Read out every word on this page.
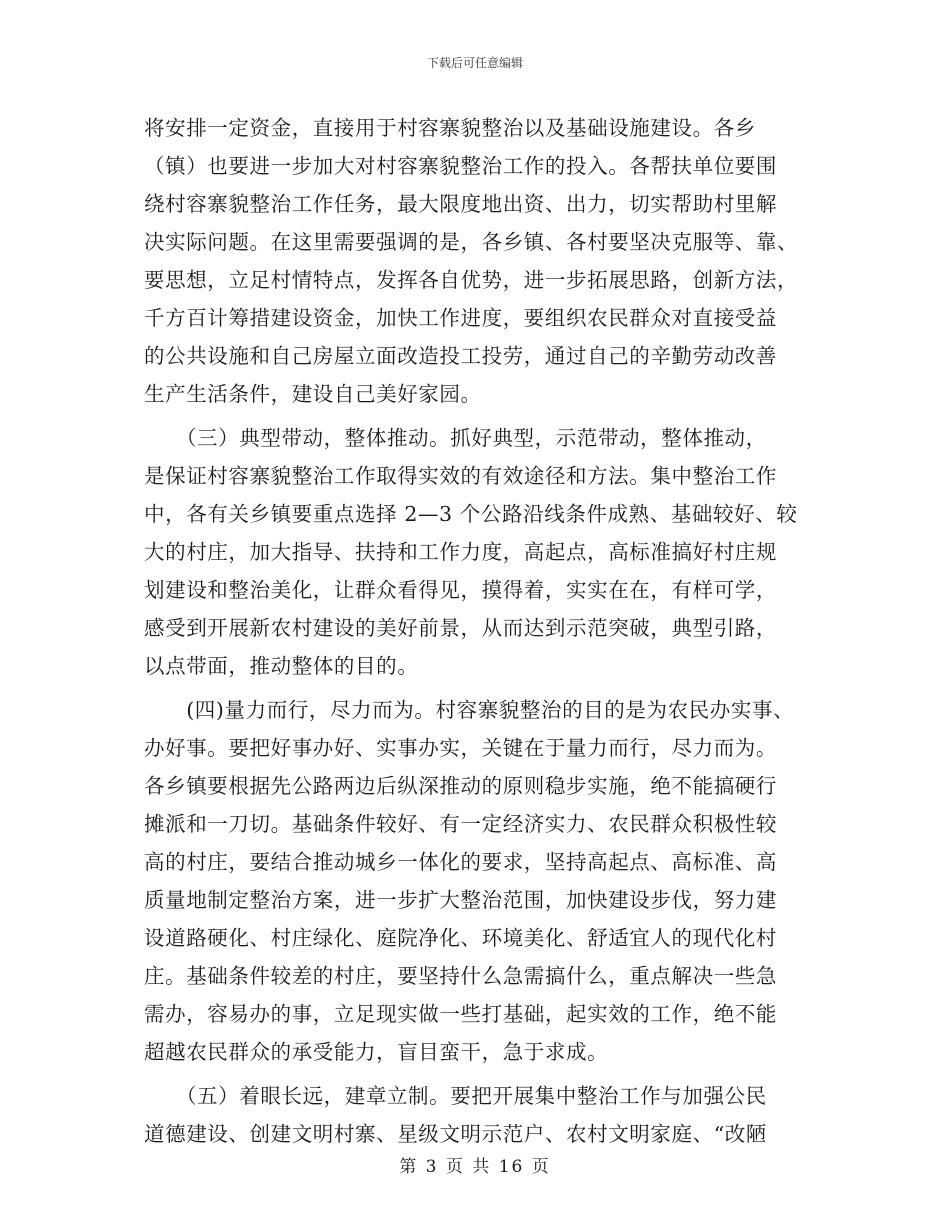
下载后可任意编辑
将安排一定资金，直接用于村容寨貌整治以及基础设施建设。各乡
（镇）也要进一步加大对村容寨貌整治工作的投入。各帮扶单位要围
绕村容寨貌整治工作任务，最大限度地出资、出力，切实帮助村里解
决实际问题。在这里需要强调的是，各乡镇、各村要坚决克服等、靠、
要思想，立足村情特点，发挥各自优势，进一步拓展思路，创新方法，
千方百计筹措建设资金，加快工作进度，要组织农民群众对直接受益
的公共设施和自己房屋立面改造投工投劳，通过自己的辛勤劳动改善
生产生活条件，建设自己美好家园。
　　（三）典型带动，整体推动。抓好典型，示范带动，整体推动，
是保证村容寨貌整治工作取得实效的有效途径和方法。集中整治工作
中，各有关乡镇要重点选择 2—3 个公路沿线条件成熟、基础较好、较
大的村庄，加大指导、扶持和工作力度，高起点，高标准搞好村庄规
划建设和整治美化，让群众看得见，摸得着，实实在在，有样可学，
感受到开展新农村建设的美好前景，从而达到示范突破，典型引路，
以点带面，推动整体的目的。
　　(四)量力而行，尽力而为。村容寨貌整治的目的是为农民办实事、
办好事。要把好事办好、实事办实，关键在于量力而行，尽力而为。
各乡镇要根据先公路两边后纵深推动的原则稳步实施，绝不能搞硬行
摊派和一刀切。基础条件较好、有一定经济实力、农民群众积极性较
高的村庄，要结合推动城乡一体化的要求，坚持高起点、高标准、高
质量地制定整治方案，进一步扩大整治范围，加快建设步伐，努力建
设道路硬化、村庄绿化、庭院净化、环境美化、舒适宜人的现代化村
庄。基础条件较差的村庄，要坚持什么急需搞什么，重点解决一些急
需办，容易办的事，立足现实做一些打基础，起实效的工作，绝不能
超越农民群众的承受能力，盲目蛮干，急于求成。
　　（五）着眼长远，建章立制。要把开展集中整治工作与加强公民
道德建设、创建文明村寨、星级文明示范户、农村文明家庭、“改陋
第 3 页 共 16 页
